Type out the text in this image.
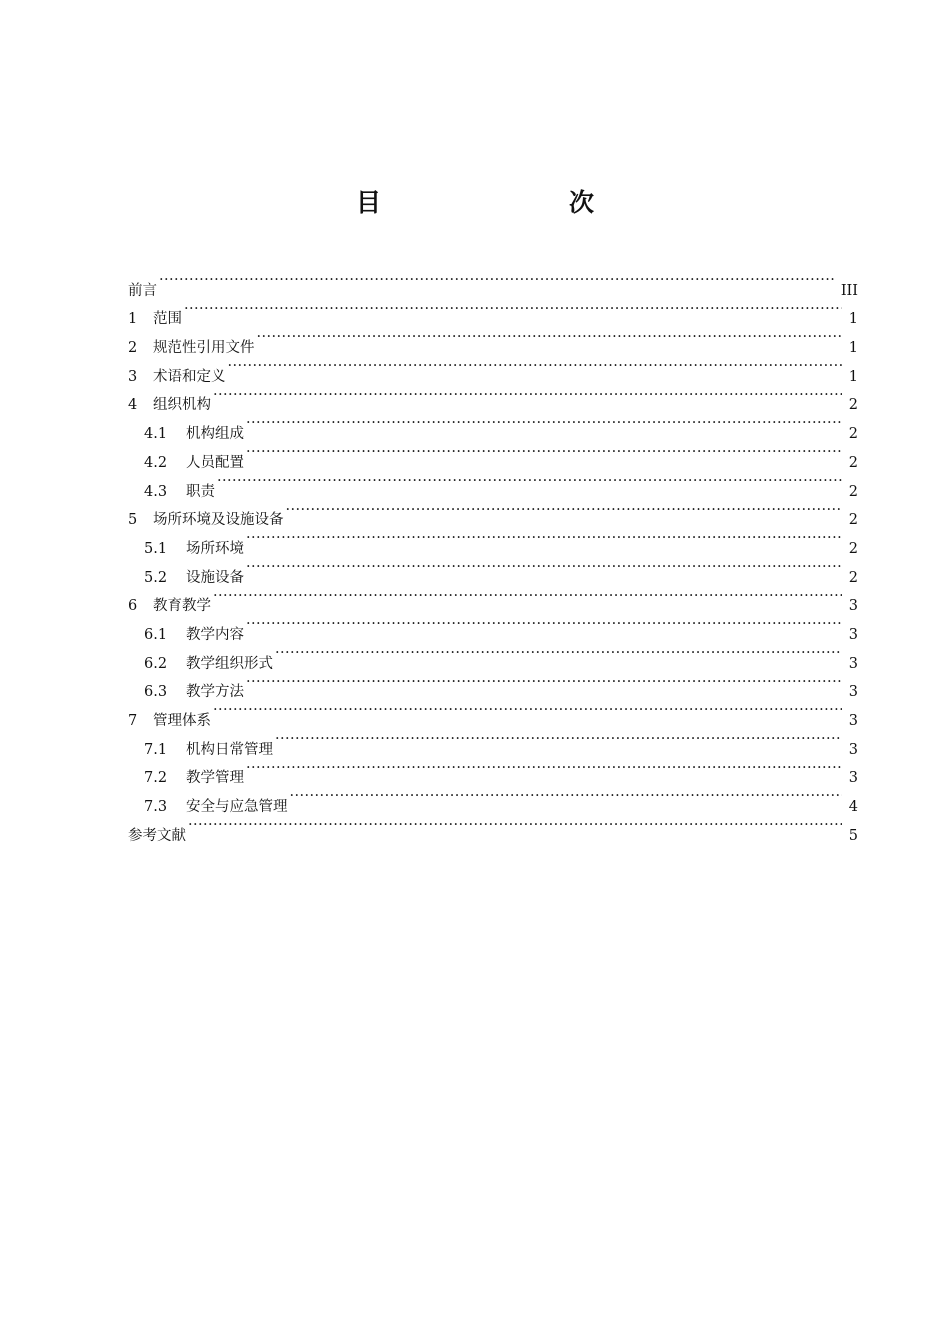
目　　次
前言 ·····	III
1	范围 ·····	1
2	规范性引用文件 ·····	1
3	术语和定义 ·····	1
4	组织机构 ·····	2
4.1	机构组成 ·····	2
4.2	人员配置 ·····	2
4.3	职责 ·····	2
5	场所环境及设施设备 ·····	2
5.1	场所环境 ·····	2
5.2	设施设备 ·····	2
6	教育教学 ·····	3
6.1	教学内容 ·····	3
6.2	教学组织形式 ·····	3
6.3	教学方法 ·····	3
7	管理体系 ·····	3
7.1	机构日常管理 ·····	3
7.2	教学管理 ·····	3
7.3	安全与应急管理 ·····	4
参考文献 ·····	5
